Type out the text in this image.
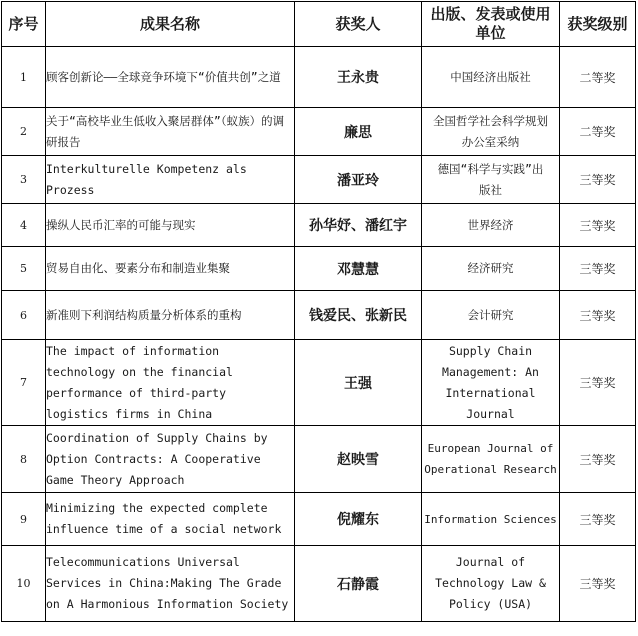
序号	成果名称	获奖人	出版、发表或使用单位	获奖级别
1	顾客创新论——全球竞争环境下“价值共创”之道	王永贵	中国经济出版社	二等奖
2	关于“高校毕业生低收入聚居群体”（蚁族）的调研报告	廉思	全国哲学社会科学规划办公室采纳	二等奖
3	Interkulturelle Kompetenz als Prozess	潘亚玲	德国“科学与实践”出版社	三等奖
4	操纵人民币汇率的可能与现实	孙华妤、潘红宇	世界经济	三等奖
5	贸易自由化、要素分布和制造业集聚	邓慧慧	经济研究	三等奖
6	新准则下利润结构质量分析体系的重构	钱爱民、张新民	会计研究	三等奖
7	The impact of information technology on the financial performance of third-party logistics firms in China	王强	Supply Chain Management: An International Journal	三等奖
8	Coordination of Supply Chains by Option Contracts: A Cooperative Game Theory Approach	赵映雪	European Journal of Operational Research	三等奖
9	Minimizing the expected complete influence time of a social network	倪耀东	Information Sciences	三等奖
10	Telecommunications Universal Services in China:Making The Grade on A Harmonious Information Society	石静霞	Journal of Technology Law & Policy (USA)	三等奖
